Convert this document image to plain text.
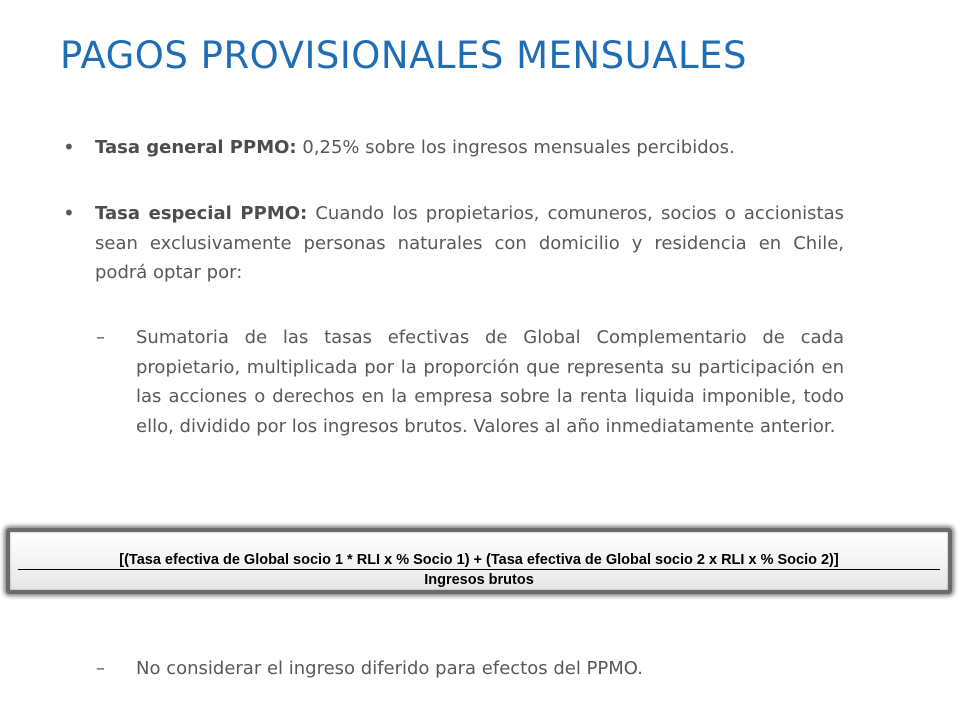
PAGOS PROVISIONALES MENSUALES
• Tasa general PPMO: 0,25% sobre los ingresos mensuales percibidos.
• Tasa especial PPMO: Cuando los propietarios, comuneros, socios o accionistas sean exclusivamente personas naturales con domicilio y residencia en Chile, podrá optar por:
– Sumatoria de las tasas efectivas de Global Complementario de cada propietario, multiplicada por la proporción que representa su participación en las acciones o derechos en la empresa sobre la renta liquida imponible, todo ello, dividido por los ingresos brutos. Valores al año inmediatamente anterior.
[(Tasa efectiva de Global socio 1 * RLI x % Socio 1) + (Tasa efectiva de Global socio 2 x RLI x % Socio 2)]
Ingresos brutos
– No considerar el ingreso diferido para efectos del PPMO.
